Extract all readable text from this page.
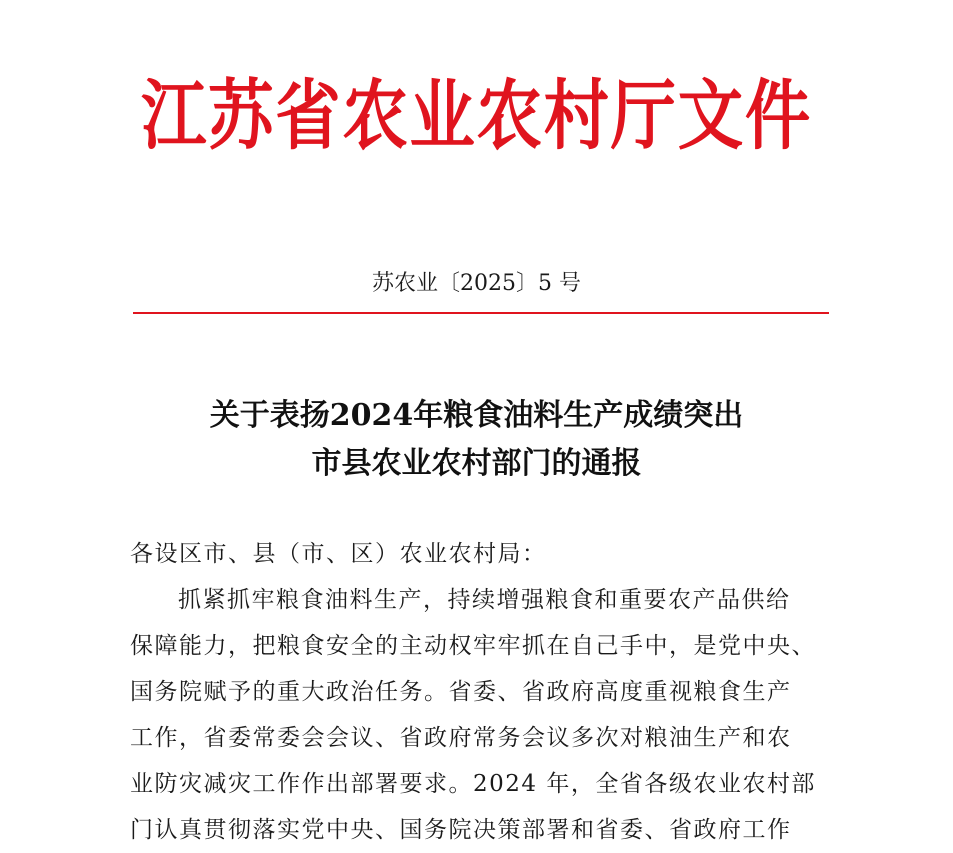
江苏省农业农村厅文件
苏农业〔2025〕5 号
关于表扬2024年粮食油料生产成绩突出
市县农业农村部门的通报
各设区市、县（市、区）农业农村局：
抓紧抓牢粮食油料生产，持续增强粮食和重要农产品供给
保障能力，把粮食安全的主动权牢牢抓在自己手中，是党中央、
国务院赋予的重大政治任务。省委、省政府高度重视粮食生产
工作，省委常委会会议、省政府常务会议多次对粮油生产和农
业防灾减灾工作作出部署要求。2024 年，全省各级农业农村部
门认真贯彻落实党中央、国务院决策部署和省委、省政府工作
